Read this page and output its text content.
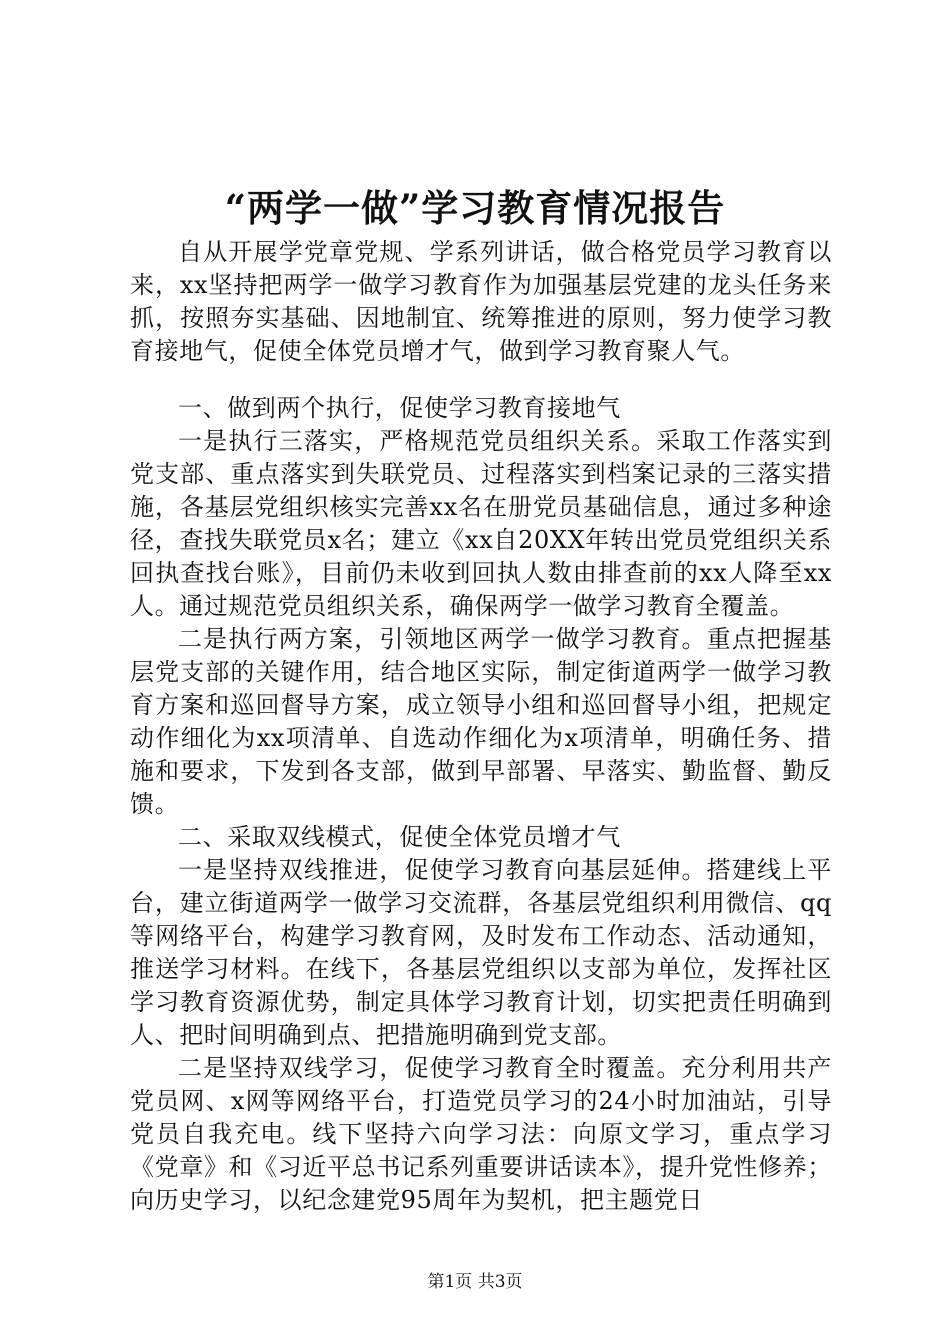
“两学一做”学习教育情况报告

自从开展学党章党规、学系列讲话，做合格党员学习教育以来，xx坚持把两学一做学习教育作为加强基层党建的龙头任务来抓，按照夯实基础、因地制宜、统筹推进的原则，努力使学习教育接地气，促使全体党员增才气，做到学习教育聚人气。

一、做到两个执行，促使学习教育接地气

一是执行三落实，严格规范党员组织关系。采取工作落实到党支部、重点落实到失联党员、过程落实到档案记录的三落实措施，各基层党组织核实完善xx名在册党员基础信息，通过多种途径，查找失联党员x名；建立《xx自20XX年转出党员党组织关系回执查找台账》，目前仍未收到回执人数由排查前的xx人降至xx人。通过规范党员组织关系，确保两学一做学习教育全覆盖。

二是执行两方案，引领地区两学一做学习教育。重点把握基层党支部的关键作用，结合地区实际，制定街道两学一做学习教育方案和巡回督导方案，成立领导小组和巡回督导小组，把规定动作细化为xx项清单、自选动作细化为x项清单，明确任务、措施和要求，下发到各支部，做到早部署、早落实、勤监督、勤反馈。

二、采取双线模式，促使全体党员增才气

一是坚持双线推进，促使学习教育向基层延伸。搭建线上平台，建立街道两学一做学习交流群，各基层党组织利用微信、qq等网络平台，构建学习教育网，及时发布工作动态、活动通知，推送学习材料。在线下，各基层党组织以支部为单位，发挥社区学习教育资源优势，制定具体学习教育计划，切实把责任明确到人、把时间明确到点、把措施明确到党支部。

二是坚持双线学习，促使学习教育全时覆盖。充分利用共产党员网、x网等网络平台，打造党员学习的24小时加油站，引导党员自我充电。线下坚持六向学习法：向原文学习，重点学习《党章》和《习近平总书记系列重要讲话读本》，提升党性修养；向历史学习，以纪念建党95周年为契机，把主题党日

第1页 共3页
